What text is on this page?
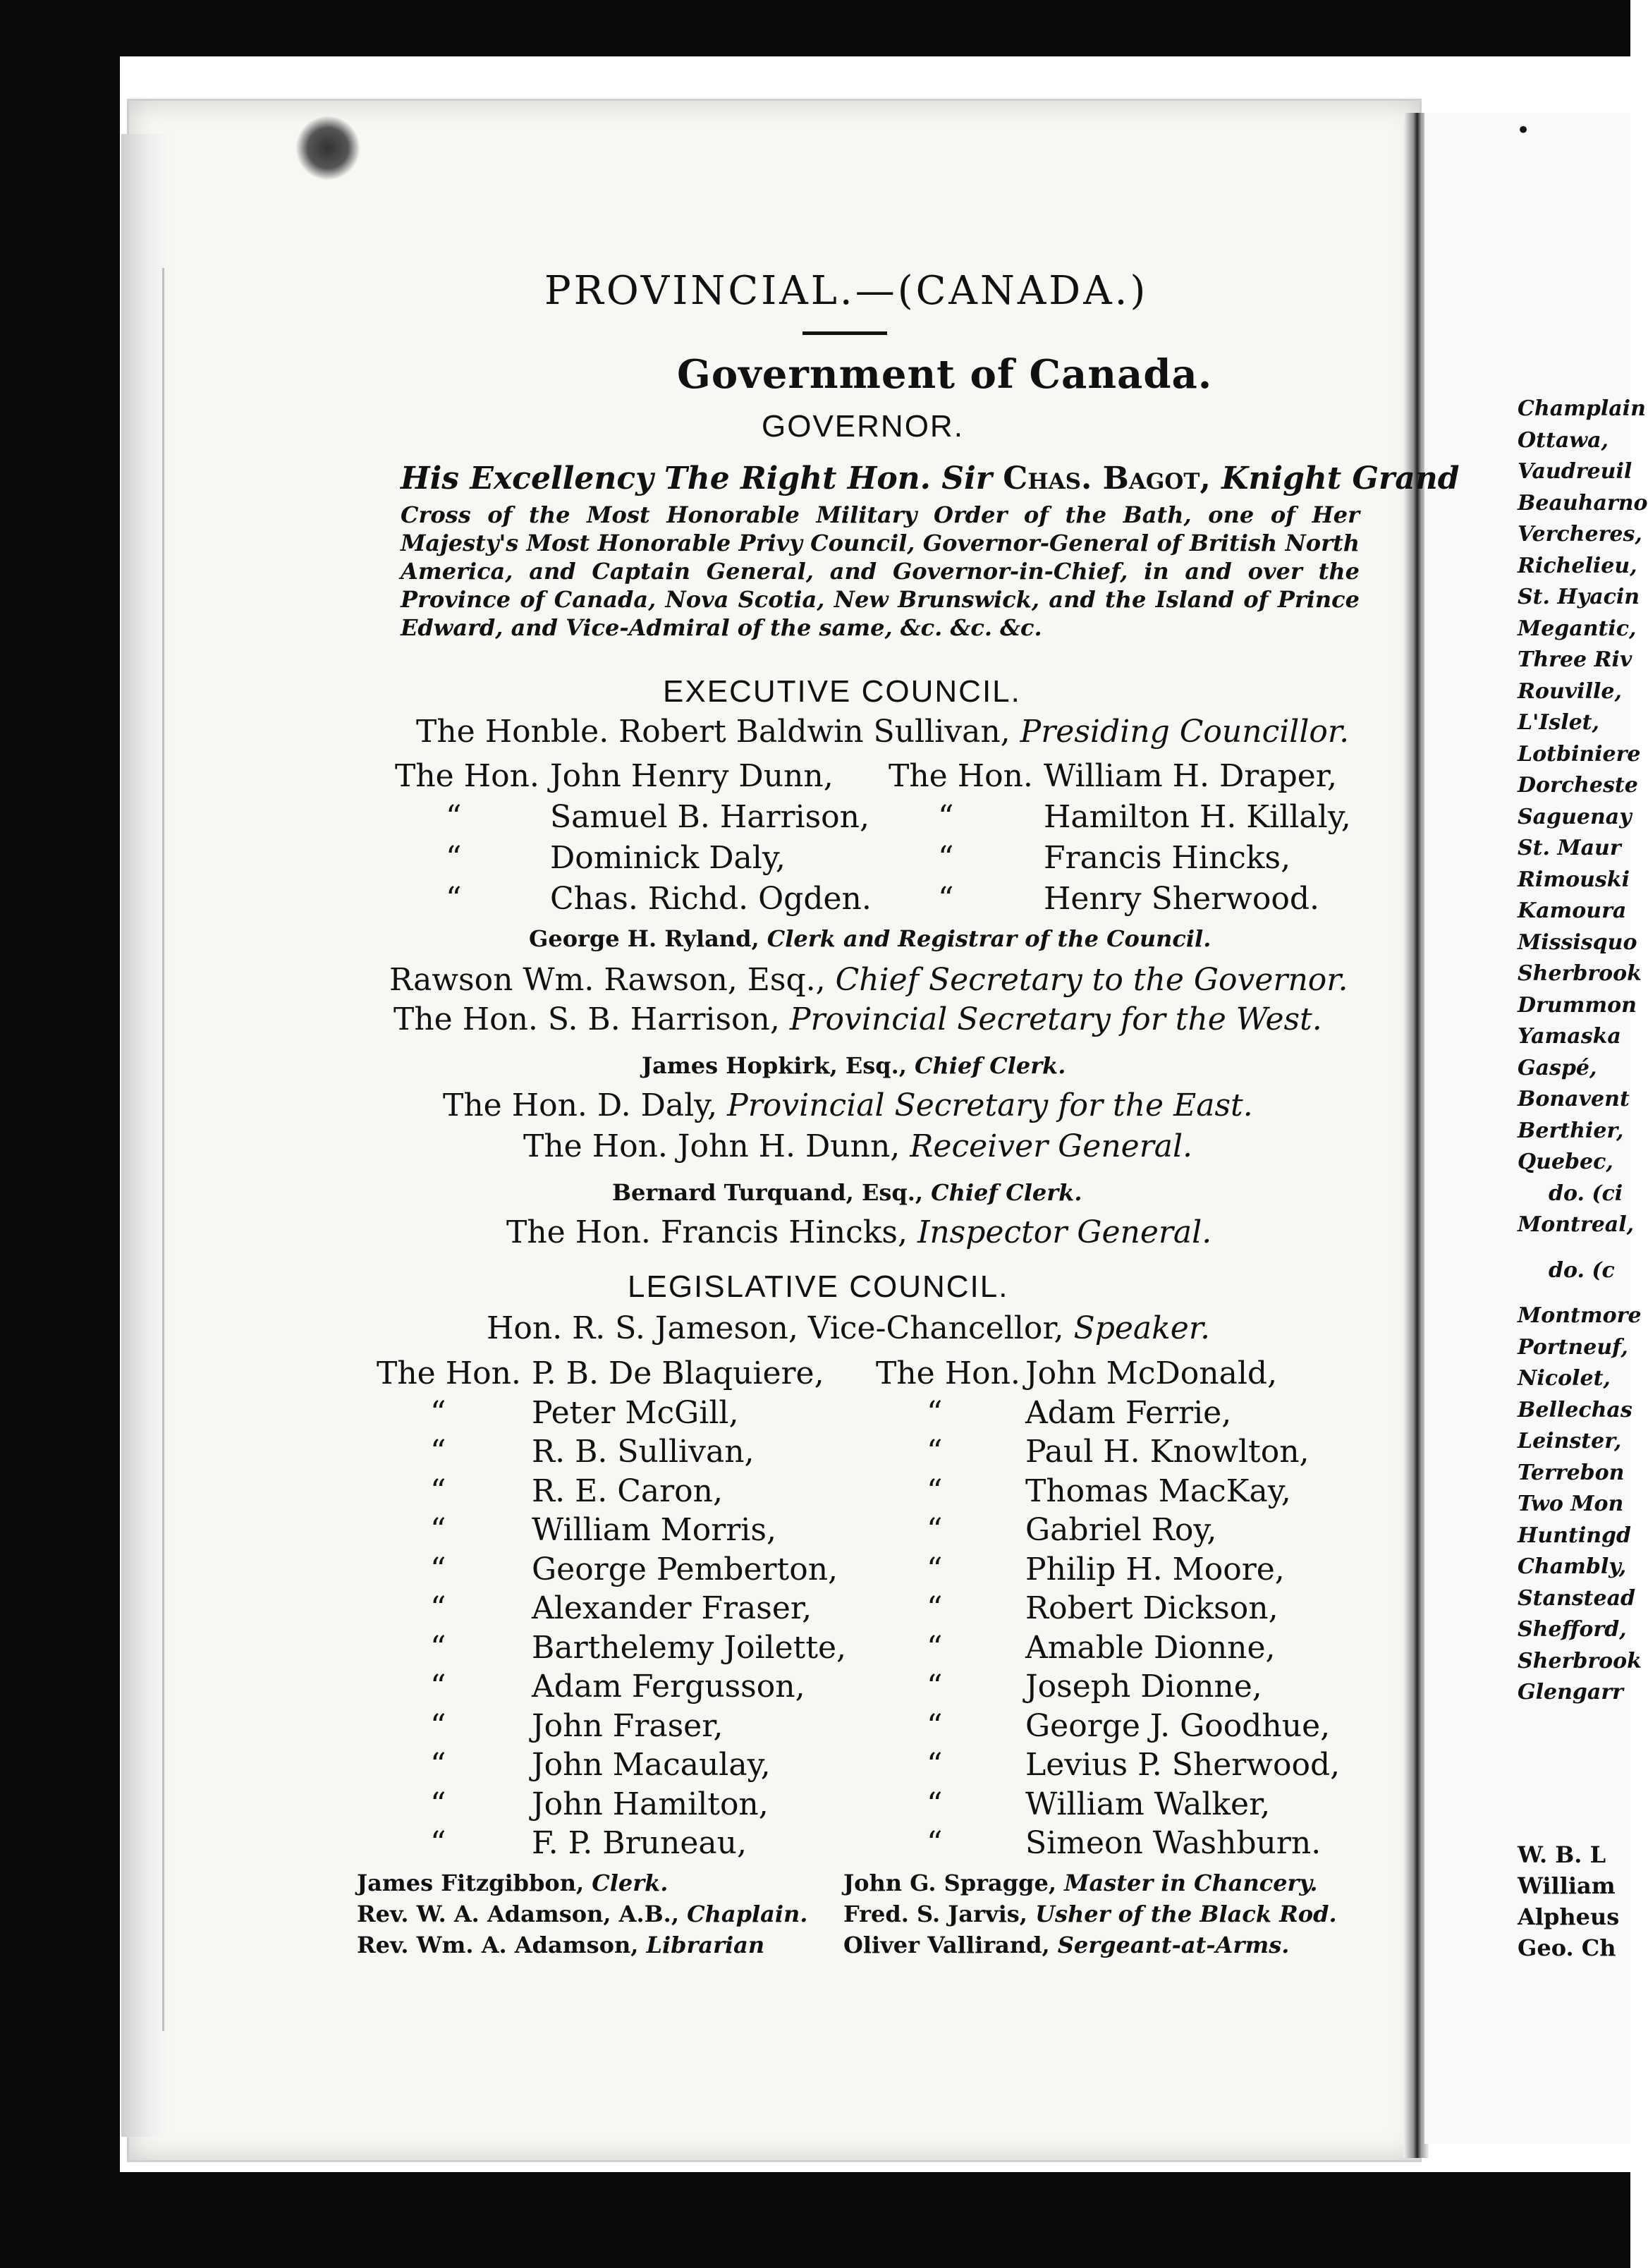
•
Champlain
Ottawa,
Vaudreuil
Beauharno
Vercheres,
Richelieu,
St. Hyacin
Megantic,
Three Riv
Rouville,
L'Islet,
Lotbiniere
Dorcheste
Saguenay
St. Maur
Rimouski
Kamoura
Missisquo
Sherbrook
Drummon
Yamaska
Gaspé,
Bonavent
Berthier,
Quebec,
do. (ci
Montreal,
do. (c
Montmore
Portneuf,
Nicolet,
Bellechas
Leinster,
Terrebon
Two Mon
Huntingd
Chambly,
Stanstead
Shefford,
Sherbrook
Glengarr
W. B. L
William
Alpheus
Geo. Ch
PROVINCIAL.—(CANADA.)
Government of Canada.
GOVERNOR.
His Excellency The Right Hon. Sir Chas. Bagot, Knight Grand
Cross of the Most Honorable Military Order of the Bath, one of Her Majesty's Most Honorable Privy Council, Governor-General of British North America, and Captain General, and Governor-in-Chief, in and over the Province of Canada, Nova Scotia, New Brunswick, and the Island of Prince Edward, and Vice-Admiral of the same, &c. &c. &c.
EXECUTIVE COUNCIL.
The Honble. Robert Baldwin Sullivan, Presiding Councillor.
The Hon. John Henry Dunn, The Hon. William H. Draper,
“	Samuel B. Harrison, “	Hamilton H. Killaly,
“	Dominick Daly,	“	Francis Hincks,
“	Chas. Richd. Ogden. “	Henry Sherwood.
George H. Ryland, Clerk and Registrar of the Council.
Rawson Wm. Rawson, Esq., Chief Secretary to the Governor.
The Hon. S. B. Harrison, Provincial Secretary for the West.
James Hopkirk, Esq., Chief Clerk.
The Hon. D. Daly, Provincial Secretary for the East.
The Hon. John H. Dunn, Receiver General.
Bernard Turquand, Esq., Chief Clerk.
The Hon. Francis Hincks, Inspector General.
LEGISLATIVE COUNCIL.
Hon. R. S. Jameson, Vice-Chancellor, Speaker.
The Hon. P. B. De Blaquiere, The Hon. John McDonald,
“	Peter McGill,	“	Adam Ferrie,
“	R. B. Sullivan,	“	Paul H. Knowlton,
“	R. E. Caron,	“	Thomas MacKay,
“	William Morris,	“	Gabriel Roy,
“	George Pemberton,	“	Philip H. Moore,
“	Alexander Fraser,	“	Robert Dickson,
“	Barthelemy Joilette,	“	Amable Dionne,
“	Adam Fergusson,	“	Joseph Dionne,
“	John Fraser,	“	George J. Goodhue,
“	John Macaulay,	“	Levius P. Sherwood,
“	John Hamilton,	“	William Walker,
“	F. P. Bruneau,	“	Simeon Washburn.
James Fitzgibbon, Clerk.	John G. Spragge, Master in Chancery.
Rev. W. A. Adamson, A.B., Chaplain. Fred. S. Jarvis, Usher of the Black Rod.
Rev. Wm. A. Adamson, Librarian	Oliver Vallirand, Sergeant-at-Arms.
